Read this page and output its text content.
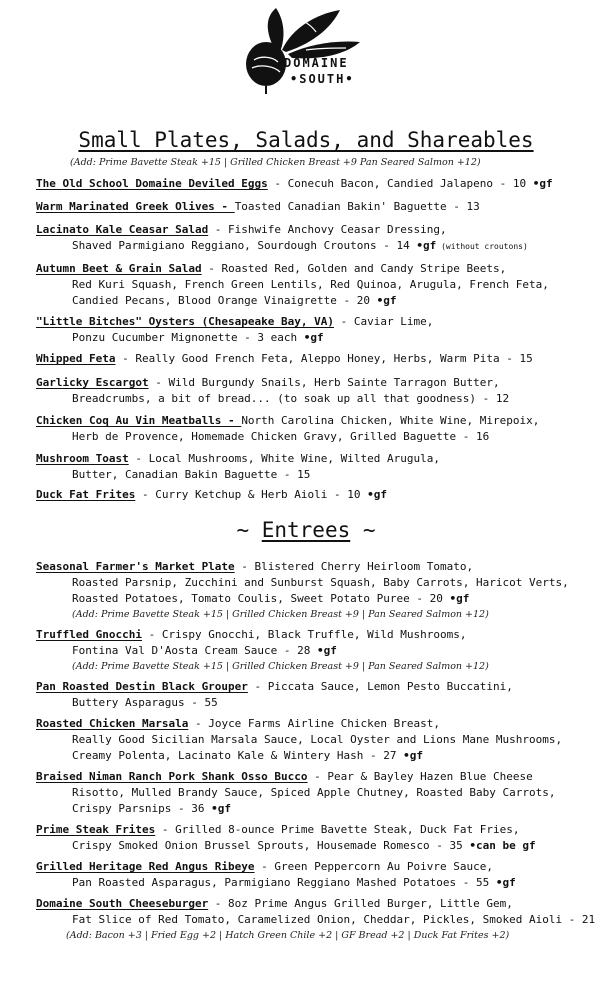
DOMAINE
•SOUTH•
Small Plates, Salads, and Shareables
(Add: Prime Bavette Steak +15 | Grilled Chicken Breast +9 Pan Seared Salmon +12)
The Old School Domaine Deviled Eggs - Conecuh Bacon, Candied Jalapeno - 10 •gf
Warm Marinated Greek Olives - Toasted Canadian Bakin' Baguette - 13
Lacinato Kale Ceasar Salad - Fishwife Anchovy Ceasar Dressing,
Shaved Parmigiano Reggiano, Sourdough Croutons - 14 •gf (without croutons)
Autumn Beet & Grain Salad - Roasted Red, Golden and Candy Stripe Beets,
Red Kuri Squash, French Green Lentils, Red Quinoa, Arugula, French Feta,
Candied Pecans, Blood Orange Vinaigrette - 20 •gf
"Little Bitches" Oysters (Chesapeake Bay, VA) - Caviar Lime,
Ponzu Cucumber Mignonette - 3 each •gf
Whipped Feta - Really Good French Feta, Aleppo Honey, Herbs, Warm Pita - 15
Garlicky Escargot - Wild Burgundy Snails, Herb Sainte Tarragon Butter,
Breadcrumbs, a bit of bread... (to soak up all that goodness) - 12
Chicken Coq Au Vin Meatballs - North Carolina Chicken, White Wine, Mirepoix,
Herb de Provence, Homemade Chicken Gravy, Grilled Baguette - 16
Mushroom Toast - Local Mushrooms, White Wine, Wilted Arugula,
Butter, Canadian Bakin Baguette - 15
Duck Fat Frites - Curry Ketchup & Herb Aioli - 10 •gf
~ Entrees ~
Seasonal Farmer's Market Plate - Blistered Cherry Heirloom Tomato,
Roasted Parsnip, Zucchini and Sunburst Squash, Baby Carrots, Haricot Verts,
Roasted Potatoes, Tomato Coulis, Sweet Potato Puree - 20 •gf
(Add: Prime Bavette Steak +15 | Grilled Chicken Breast +9 | Pan Seared Salmon +12)
Truffled Gnocchi - Crispy Gnocchi, Black Truffle, Wild Mushrooms,
Fontina Val D'Aosta Cream Sauce - 28 •gf
(Add: Prime Bavette Steak +15 | Grilled Chicken Breast +9 | Pan Seared Salmon +12)
Pan Roasted Destin Black Grouper - Piccata Sauce, Lemon Pesto Buccatini,
Buttery Asparagus - 55
Roasted Chicken Marsala - Joyce Farms Airline Chicken Breast,
Really Good Sicilian Marsala Sauce, Local Oyster and Lions Mane Mushrooms,
Creamy Polenta, Lacinato Kale & Wintery Hash - 27 •gf
Braised Niman Ranch Pork Shank Osso Bucco - Pear & Bayley Hazen Blue Cheese
Risotto, Mulled Brandy Sauce, Spiced Apple Chutney, Roasted Baby Carrots,
Crispy Parsnips - 36 •gf
Prime Steak Frites - Grilled 8-ounce Prime Bavette Steak, Duck Fat Fries,
Crispy Smoked Onion Brussel Sprouts, Housemade Romesco - 35 •can be gf
Grilled Heritage Red Angus Ribeye - Green Peppercorn Au Poivre Sauce,
Pan Roasted Asparagus, Parmigiano Reggiano Mashed Potatoes - 55 •gf
Domaine South Cheeseburger - 8oz Prime Angus Grilled Burger, Little Gem,
Fat Slice of Red Tomato, Caramelized Onion, Cheddar, Pickles, Smoked Aioli - 21
(Add: Bacon +3 | Fried Egg +2 | Hatch Green Chile +2 | GF Bread +2 | Duck Fat Frites +2)
